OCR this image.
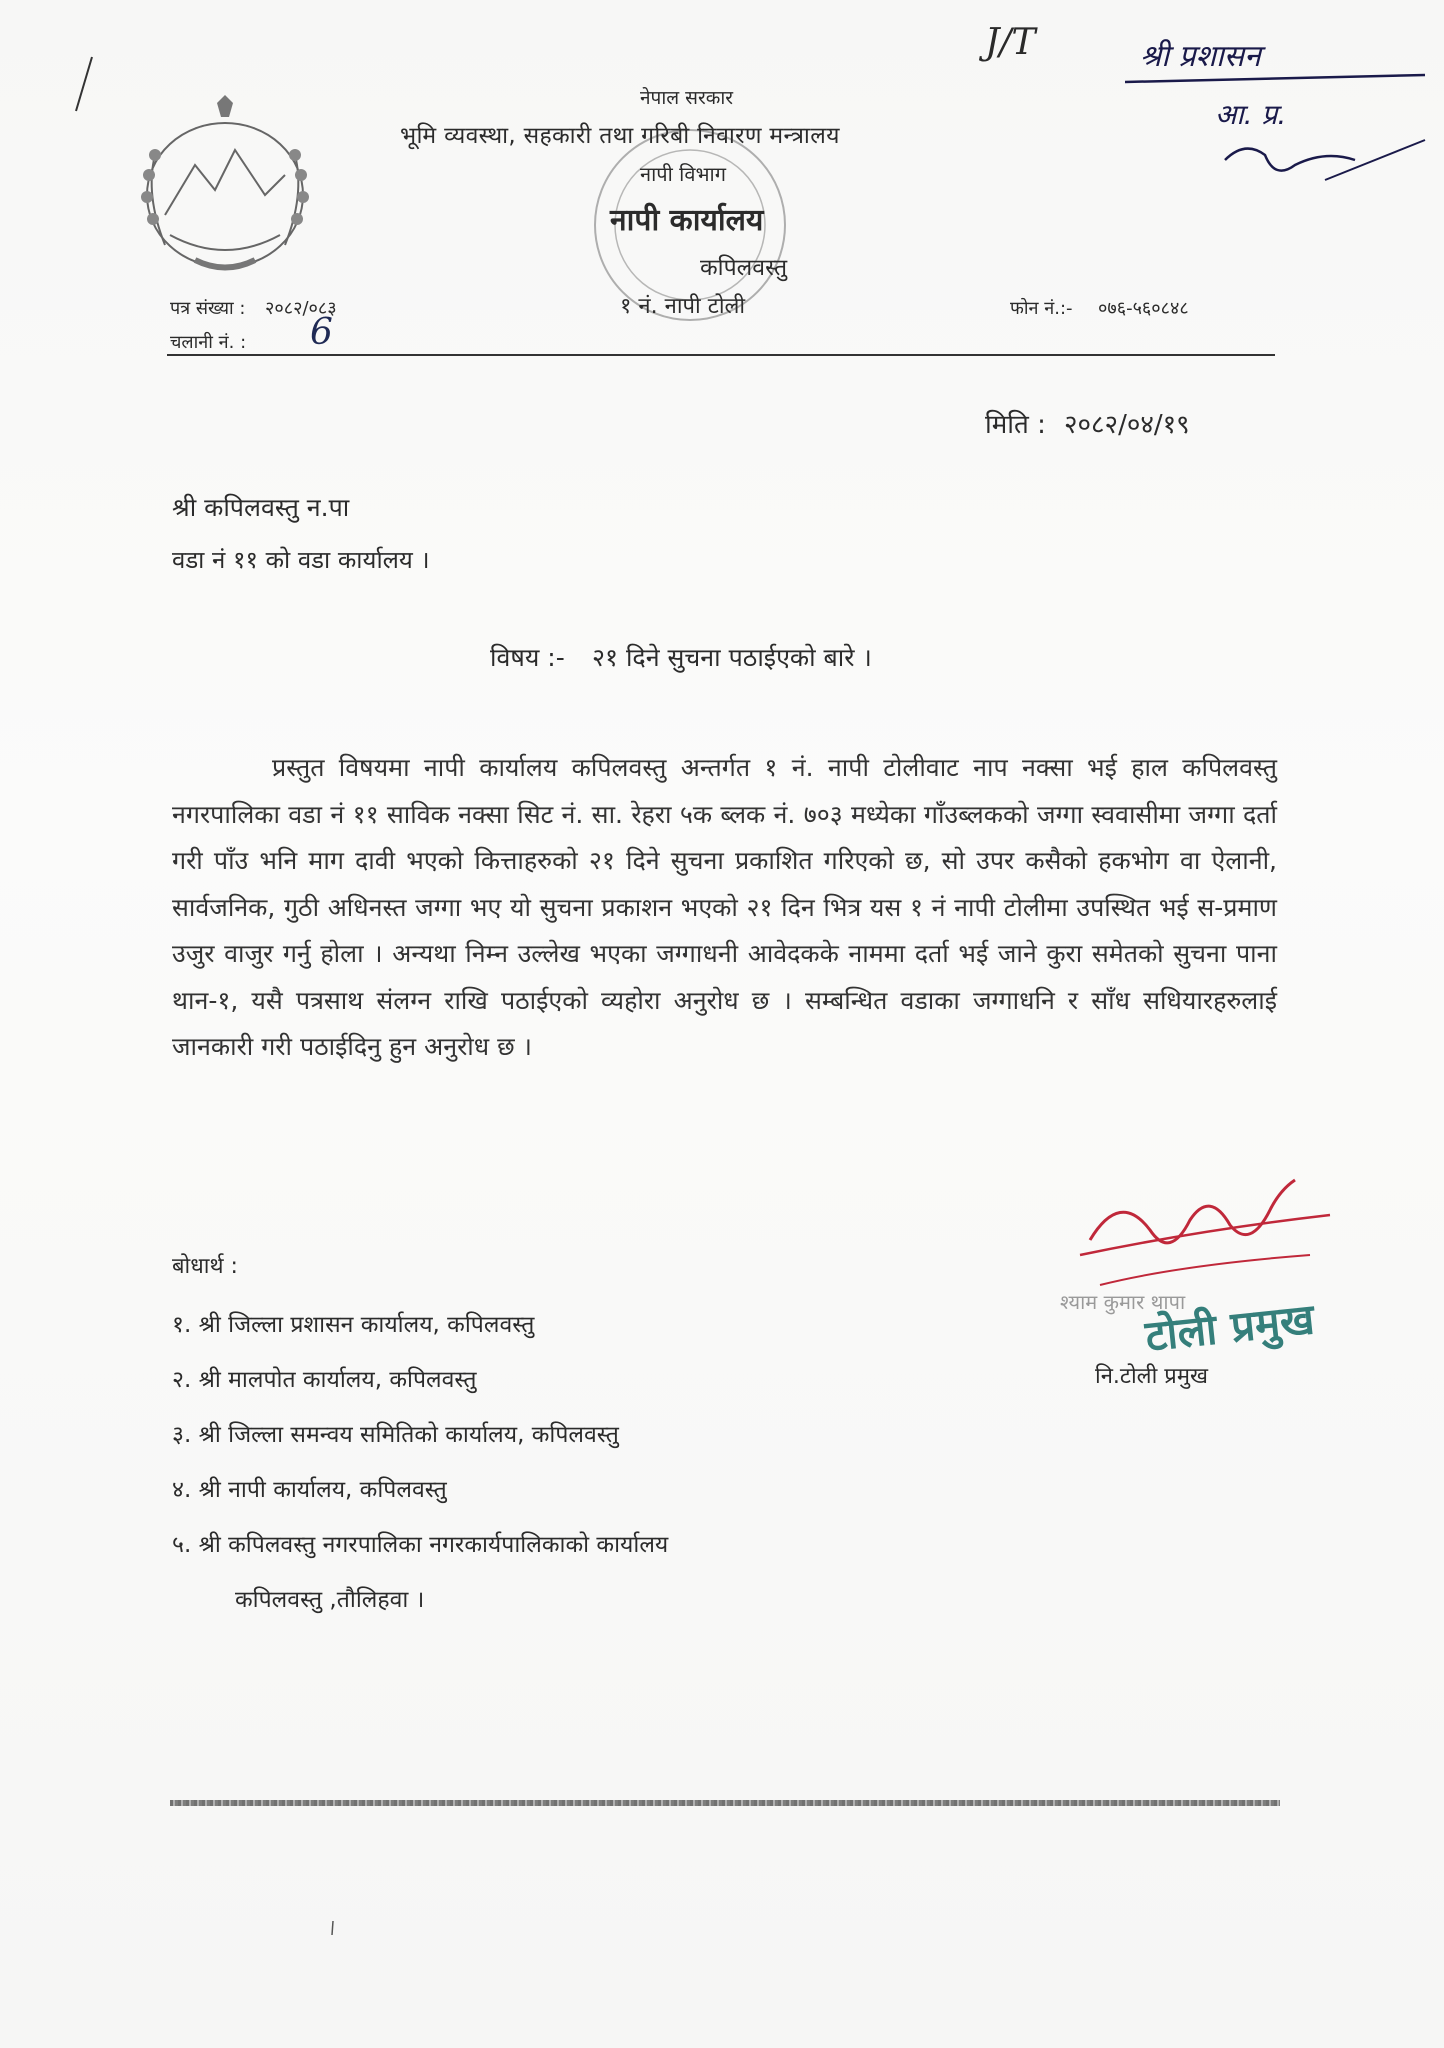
नेपाल सरकार
भूमि व्यवस्था, सहकारी तथा गरिबी निवारण मन्त्रालय
नापी विभाग
नापी कार्यालय
कपिलवस्तु
१ नं. नापी टोली
पत्र संख्या : २०८२/०८३
चलानी नं. : 6
फोन नं.:- ०७६-५६०८४८
J/T	श्री प्रशासन
आ. प्र.
मिति : २०८२/०४/१९
श्री कपिलवस्तु न.पा
वडा नं ११ को वडा कार्यालय ।
विषय :- २१ दिने सुचना पठाईएको बारे ।
प्रस्तुत विषयमा नापी कार्यालय कपिलवस्तु अन्तर्गत १ नं. नापी टोलीवाट नाप नक्सा भई हाल कपिलवस्तु नगरपालिका वडा नं ११ साविक नक्सा सिट नं. सा. रेहरा ५क ब्लक नं. ७०३ मध्येका गाँउब्लकको जग्गा स्ववासीमा जग्गा दर्ता गरी पाँउ भनि माग दावी भएको कित्ताहरुको २१ दिने सुचना प्रकाशित गरिएको छ, सो उपर कसैको हकभोग वा ऐलानी, सार्वजनिक, गुठी अधिनस्त जग्गा भए यो सुचना प्रकाशन भएको २१ दिन भित्र यस १ नं नापी टोलीमा उपस्थित भई स-प्रमाण उजुर वाजुर गर्नु होला । अन्यथा निम्न उल्लेख भएका जग्गाधनी आवेदकके नाममा दर्ता भई जाने कुरा समेतको सुचना पाना थान-१, यसै पत्रसाथ संलग्न राखि पठाईएको व्यहोरा अनुरोध छ । सम्बन्धित वडाका जग्गाधनि र साँध सधियारहरुलाई जानकारी गरी पठाईदिनु हुन अनुरोध छ ।
बोधार्थ :
१. श्री जिल्ला प्रशासन कार्यालय, कपिलवस्तु
२. श्री मालपोत कार्यालय, कपिलवस्तु
३. श्री जिल्ला समन्वय समितिको कार्यालय, कपिलवस्तु
४. श्री नापी कार्यालय, कपिलवस्तु
५. श्री कपिलवस्तु नगरपालिका नगरकार्यपालिकाको कार्यालय
कपिलवस्तु ,तौलिहवा ।
श्याम कुमार थापा
टोली प्रमुख
नि.टोली प्रमुख
